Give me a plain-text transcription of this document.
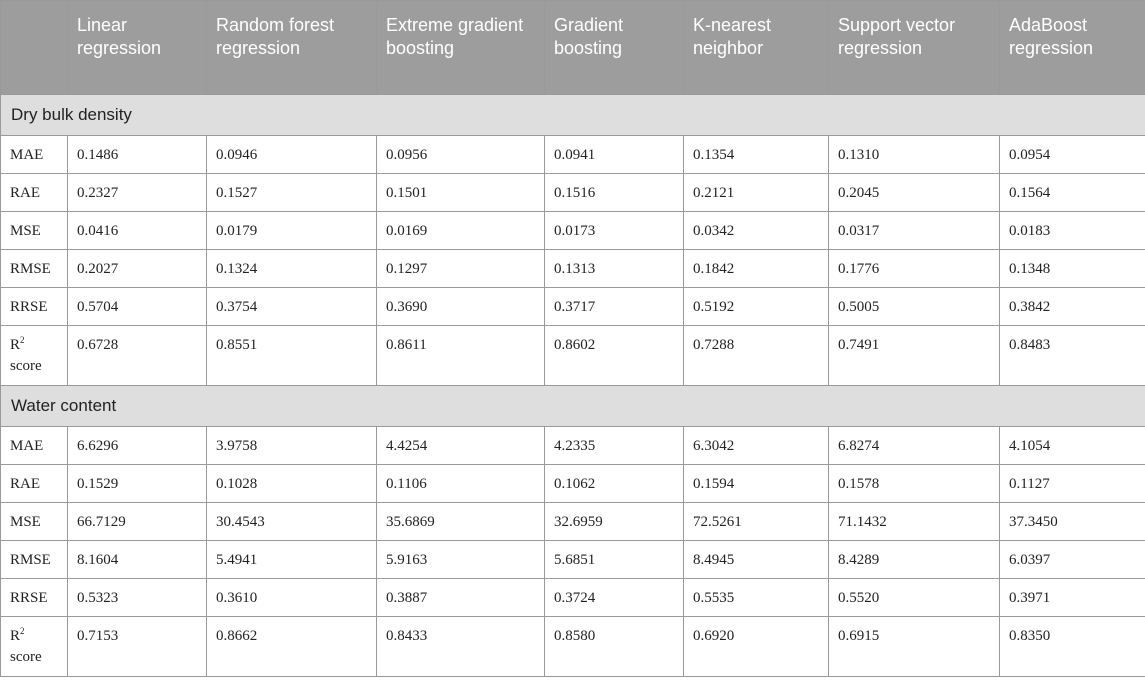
	Linear regression	Random forest regression	Extreme gradient boosting	Gradient boosting	K-nearest neighbor	Support vector regression	AdaBoost regression
Dry bulk density							
MAE	0.1486	0.0946	0.0956	0.0941	0.1354	0.1310	0.0954
RAE	0.2327	0.1527	0.1501	0.1516	0.2121	0.2045	0.1564
MSE	0.0416	0.0179	0.0169	0.0173	0.0342	0.0317	0.0183
RMSE	0.2027	0.1324	0.1297	0.1313	0.1842	0.1776	0.1348
RRSE	0.5704	0.3754	0.3690	0.3717	0.5192	0.5005	0.3842
$R^2$
score	0.6728	0.8551	0.8611	0.8602	0.7288	0.7491	0.8483
Water content							
MAE	6.6296	3.9758	4.4254	4.2335	6.3042	6.8274	4.1054
RAE	0.1529	0.1028	0.1106	0.1062	0.1594	0.1578	0.1127
MSE	66.7129	30.4543	35.6869	32.6959	72.5261	71.1432	37.3450
RMSE	8.1604	5.4941	5.9163	5.6851	8.4945	8.4289	6.0397
RRSE	0.5323	0.3610	0.3887	0.3724	0.5535	0.5520	0.3971
$R^2$
score	0.7153	0.8662	0.8433	0.8580	0.6920	0.6915	0.8350
